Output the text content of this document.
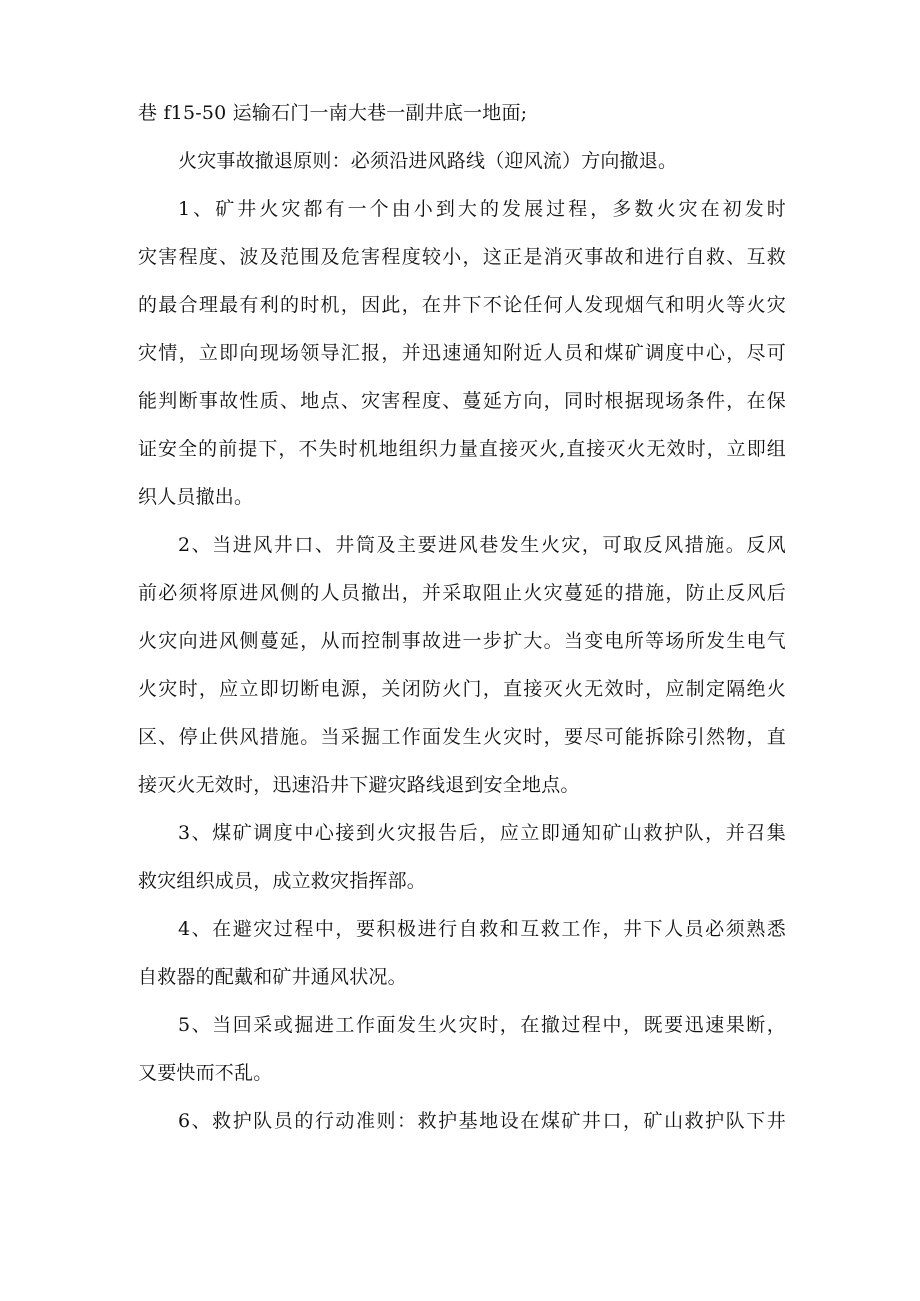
巷 f15-50 运输石门一南大巷一副井底一地面;
火灾事故撤退原则：必须沿进风路线（迎风流）方向撤退。
1、矿井火灾都有一个由小到大的发展过程，多数火灾在初发时
灾害程度、波及范围及危害程度较小，这正是消灭事故和进行自救、互救
的最合理最有利的时机，因此，在井下不论任何人发现烟气和明火等火灾
灾情，立即向现场领导汇报，并迅速通知附近人员和煤矿调度中心，尽可
能判断事故性质、地点、灾害程度、蔓延方向，同时根据现场条件，在保
证安全的前提下，不失时机地组织力量直接灭火,直接灭火无效时，立即组
织人员撤出。
2、当进风井口、井筒及主要进风巷发生火灾，可取反风措施。反风
前必须将原进风侧的人员撤出，并采取阻止火灾蔓延的措施，防止反风后
火灾向进风侧蔓延，从而控制事故进一步扩大。当变电所等场所发生电气
火灾时，应立即切断电源，关闭防火门，直接灭火无效时，应制定隔绝火
区、停止供风措施。当采掘工作面发生火灾时，要尽可能拆除引然物，直
接灭火无效时，迅速沿井下避灾路线退到安全地点。
3、煤矿调度中心接到火灾报告后，应立即通知矿山救护队，并召集
救灾组织成员，成立救灾指挥部。
4、在避灾过程中，要积极进行自救和互救工作，井下人员必须熟悉
自救器的配戴和矿井通风状况。
5、当回采或掘进工作面发生火灾时，在撤过程中，既要迅速果断，
又要快而不乱。
6、救护队员的行动准则：救护基地设在煤矿井口，矿山救护队下井
